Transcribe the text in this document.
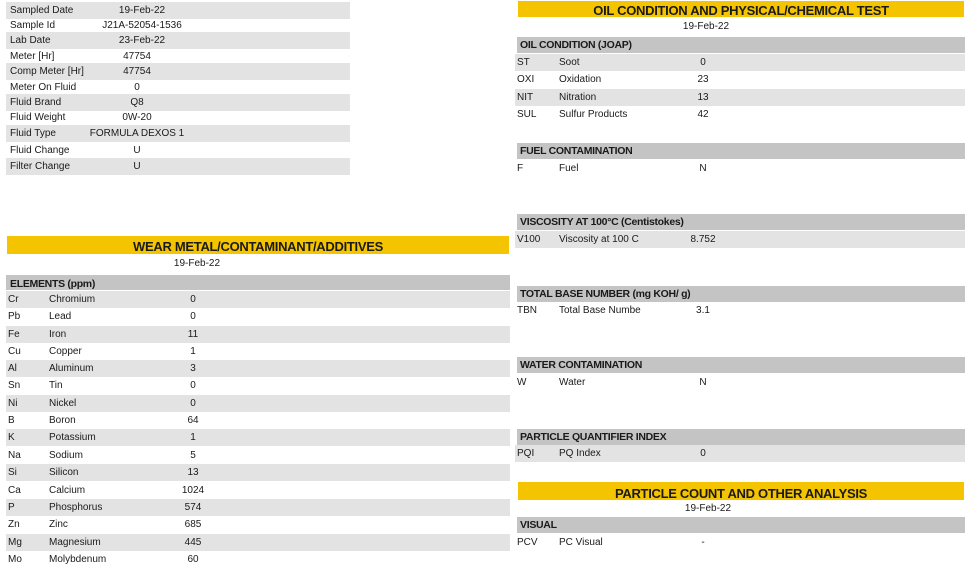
Sampled Date	19-Feb-22
Sample Id	J21A-52054-1536
Lab Date	23-Feb-22
Meter [Hr]	47754
Comp Meter [Hr]	47754
Meter On Fluid	0
Fluid Brand	Q8
Fluid Weight	0W-20
Fluid Type	FORMULA DEXOS 1
Fluid Change	U
Filter Change	U
WEAR METAL/CONTAMINANT/ADDITIVES
19-Feb-22
ELEMENTS (ppm)
Cr	Chromium	0
Pb	Lead	0
Fe	Iron	11
Cu	Copper	1
Al	Aluminum	3
Sn	Tin	0
Ni	Nickel	0
B	Boron	64
K	Potassium	1
Na	Sodium	5
Si	Silicon	13
Ca	Calcium	1024
P	Phosphorus	574
Zn	Zinc	685
Mg	Magnesium	445
Mo	Molybdenum	60
OIL CONDITION AND PHYSICAL/CHEMICAL TEST
19-Feb-22
OIL CONDITION (JOAP)
ST	Soot	0
OXI Oxidation	23
NIT	Nitration	13
SUL Sulfur Products	42
FUEL CONTAMINATION
F	Fuel	N
VISCOSITY AT 100°C (Centistokes)
V100 Viscosity at 100 C	8.752
TOTAL BASE NUMBER (mg KOH/ g)
TBN Total Base Numbe	3.1
WATER CONTAMINATION
W	Water	N
PARTICLE QUANTIFIER INDEX
PQI PQ Index	0
PARTICLE COUNT AND OTHER ANALYSIS
19-Feb-22
VISUAL
PCV PC Visual	-
